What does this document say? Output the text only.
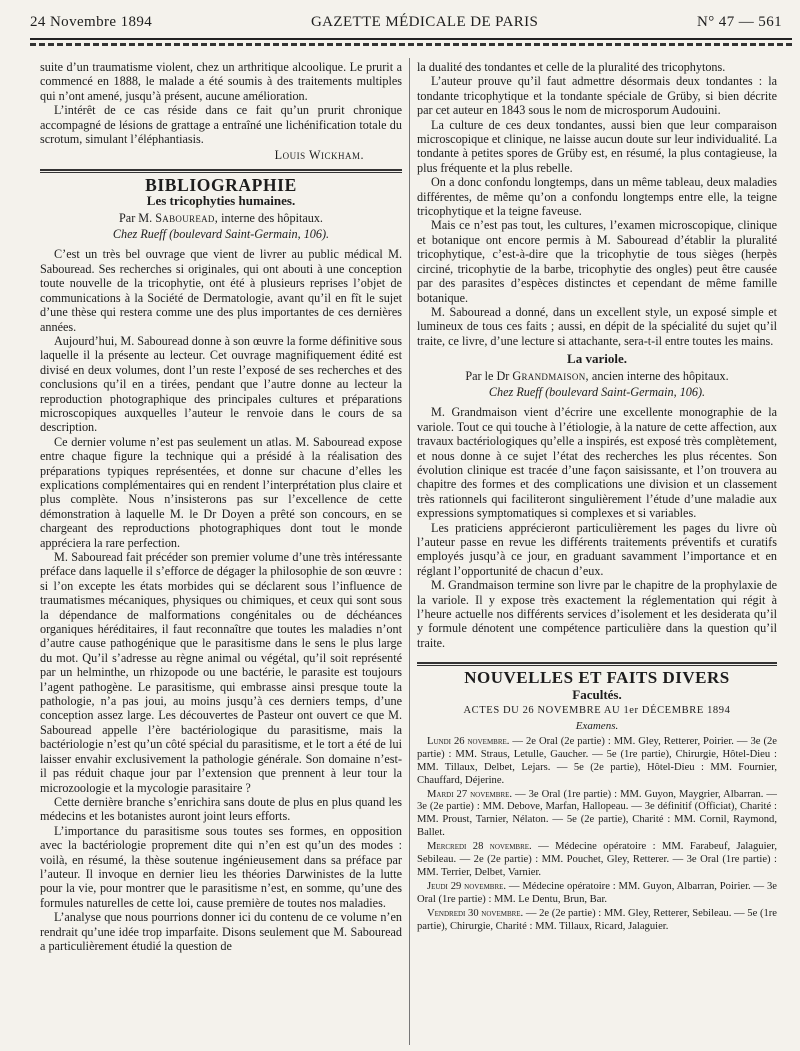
24 Novembre 1894	GAZETTE MÉDICALE DE PARIS	N° 47 — 561

suite d’un traumatisme violent, chez un arthritique alcoolique. Le prurit a commencé en 1888, le malade a été soumis à des traitements multiples qui n’ont amené, jusqu’à présent, aucune amélioration.

L’intérêt de ce cas réside dans ce fait qu’un prurit chronique accompagné de lésions de grattage a entraîné une lichénification totale du scrotum, simulant l’éléphantiasis.

Louis Wickham.
BIBLIOGRAPHIE
Les tricophyties humaines.
Par M. Sabouread, interne des hôpitaux.
Chez Rueff (boulevard Saint-Germain, 106).

C’est un très bel ouvrage que vient de livrer au public médical M. Sabouread. Ses recherches si originales, qui ont abouti à une conception toute nouvelle de la tricophytie, ont été à plusieurs reprises l’objet de communications à la Société de Dermatologie, avant qu’il en fît le sujet d’une thèse qui restera comme une des plus importantes de ces dernières années.

Aujourd’hui, M. Sabouread donne à son œuvre la forme définitive sous laquelle il la présente au lecteur. Cet ouvrage magnifiquement édité est divisé en deux volumes, dont l’un reste l’exposé de ses recherches et des conclusions qu’il en a tirées, pendant que l’autre donne au lecteur la reproduction photographique des principales cultures et préparations microscopiques auxquelles l’auteur le renvoie dans le cours de sa description.

Ce dernier volume n’est pas seulement un atlas. M. Sabouread expose entre chaque figure la technique qui a présidé à la réalisation des préparations typiques représentées, et donne sur chacune d’elles les explications complémentaires qui en rendent l’interprétation plus claire et plus complète. Nous n’insisterons pas sur l’excellence de cette démonstration à laquelle M. le Dr Doyen a prêté son concours, en se chargeant des reproductions photographiques dont tout le monde appréciera la rare perfection.

M. Sabouread fait précéder son premier volume d’une très intéressante préface dans laquelle il s’efforce de dégager la philosophie de son œuvre : si l’on excepte les états morbides qui se déclarent sous l’influence de traumatismes mécaniques, physiques ou chimiques, et ceux qui sont sous la dépendance de malformations congénitales ou de déchéances organiques héréditaires, il faut reconnaître que toutes les maladies n’ont d’autre cause pathogénique que le parasitisme dans le sens le plus large du mot. Qu’il s’adresse au règne animal ou végétal, qu’il soit représenté par un helminthe, un rhizopode ou une bactérie, le parasite est toujours l’agent pathogène. Le parasitisme, qui embrasse ainsi presque toute la pathologie, n’a pas joui, au moins jusqu’à ces derniers temps, d’une conception assez large. Les découvertes de Pasteur ont ouvert ce que M. Sabouread appelle l’ère bactériologique du parasitisme, mais la bactériologie n’est qu’un côté spécial du parasitisme, et le tort a été de lui laisser envahir exclusivement la pathologie générale. Son domaine n’est-il pas réduit chaque jour par l’extension que prennent à leur tour la microzoologie et la mycologie parasitaire ?

Cette dernière branche s’enrichira sans doute de plus en plus quand les médecins et les botanistes auront joint leurs efforts.

L’importance du parasitisme sous toutes ses formes, en opposition avec la bactériologie proprement dite qui n’en est qu’un des modes : voilà, en résumé, la thèse soutenue ingénieusement dans sa préface par l’auteur. Il invoque en dernier lieu les théories Darwinistes de la lutte pour la vie, pour montrer que le parasitisme n’est, en somme, qu’une des formules naturelles de cette loi, cause première de toutes nos maladies.

L’analyse que nous pourrions donner ici du contenu de ce volume n’en rendrait qu’une idée trop imparfaite. Disons seulement que M. Sabouread a particulièrement étudié la question de

la dualité des tondantes et celle de la pluralité des tricophytons.

L’auteur prouve qu’il faut admettre désormais deux tondantes : la tondante tricophytique et la tondante spéciale de Grüby, si bien décrite par cet auteur en 1843 sous le nom de microsporum Audouini.

La culture de ces deux tondantes, aussi bien que leur comparaison microscopique et clinique, ne laisse aucun doute sur leur individualité. La tondante à petites spores de Grüby est, en résumé, la plus contagieuse, la plus fréquente et la plus rebelle.

On a donc confondu longtemps, dans un même tableau, deux maladies différentes, de même qu’on a confondu longtemps entre elle, la teigne tricophytique et la teigne faveuse.

Mais ce n’est pas tout, les cultures, l’examen microscopique, clinique et botanique ont encore permis à M. Sabouread d’établir la pluralité tricophytique, c’est-à-dire que la tricophytie de tous sièges (herpès circiné, tricophytie de la barbe, tricophytie des ongles) peut être causée par des parasites d’espèces distinctes et cependant de même famille botanique.

M. Sabouread a donné, dans un excellent style, un exposé simple et lumineux de tous ces faits ; aussi, en dépit de la spécialité du sujet qu’il traite, ce livre, d’une lecture si attachante, sera-t-il entre toutes les mains.

La variole.
Par le Dr Grandmaison, ancien interne des hôpitaux.
Chez Rueff (boulevard Saint-Germain, 106).

M. Grandmaison vient d’écrire une excellente monographie de la variole. Tout ce qui touche à l’étiologie, à la nature de cette affection, aux travaux bactériologiques qu’elle a inspirés, est exposé très complètement, et nous donne à ce sujet l’état des recherches les plus récentes. Son évolution clinique est tracée d’une façon saisissante, et l’on trouvera au chapitre des formes et des complications une division et un classement très rationnels qui faciliteront singulièrement l’étude d’une maladie aux expressions symptomatiques si complexes et si variables.

Les praticiens apprécieront particulièrement les pages du livre où l’auteur passe en revue les différents traitements préventifs et curatifs employés jusqu’à ce jour, en graduant savamment l’importance et en réglant l’opportunité de chacun d’eux.

M. Grandmaison termine son livre par le chapitre de la prophylaxie de la variole. Il y expose très exactement la réglementation qui régit à l’heure actuelle nos différents services d’isolement et les desiderata qu’il y formule dénotent une compétence particulière dans la question qu’il traite.

NOUVELLES ET FAITS DIVERS
Facultés.
ACTES DU 26 NOVEMBRE AU 1er DÉCEMBRE 1894
Examens.

Lundi 26 novembre. — 2e Oral (2e partie) : MM. Gley, Retterer, Poirier. — 3e (2e partie) : MM. Straus, Letulle, Gaucher. — 5e (1re partie), Chirurgie, Hôtel-Dieu : MM. Tillaux, Delbet, Lejars. — 5e (2e partie), Hôtel-Dieu : MM. Fournier, Chauffard, Déjerine.

Mardi 27 novembre. — 3e Oral (1re partie) : MM. Guyon, Maygrier, Albarran. — 3e (2e partie) : MM. Debove, Marfan, Hallopeau. — 3e définitif (Officiat), Charité : MM. Proust, Tarnier, Nélaton. — 5e (2e partie), Charité : MM. Cornil, Raymond, Ballet.

Mercredi 28 novembre. — Médecine opératoire : MM. Farabeuf, Jalaguier, Sebileau. — 2e (2e partie) : MM. Pouchet, Gley, Retterer. — 3e Oral (1re partie) : MM. Terrier, Delbet, Varnier.

Jeudi 29 novembre. — Médecine opératoire : MM. Guyon, Albarran, Poirier. — 3e Oral (1re partie) : MM. Le Dentu, Brun, Bar.

Vendredi 30 novembre. — 2e (2e partie) : MM. Gley, Retterer, Sebileau. — 5e (1re partie), Chirurgie, Charité : MM. Tillaux, Ricard, Jalaguier.
